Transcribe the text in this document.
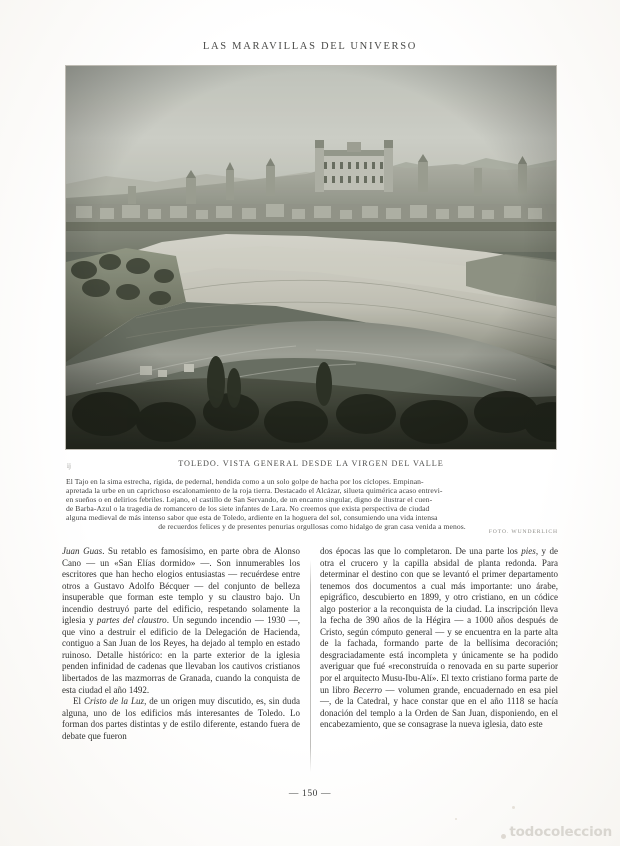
LAS MARAVILLAS DEL UNIVERSO
ij	TOLEDO. VISTA GENERAL DESDE LA VIRGEN DEL VALLE

El Tajo en la sima estrecha, rígida, de pedernal, hendida como a un solo golpe de hacha por los cíclopes. Empinan-

apretada la urbe en un caprichoso escalonamiento de la roja tierra. Destacado el Alcázar, silueta quimérica acaso entrevi-

en sueños o en delirios febriles. Lejano, el castillo de San Servando, de un encanto singular, digno de ilustrar el cuen-

de Barba-Azul o la tragedia de romancero de los siete infantes de Lara. No creemos que exista perspectiva de ciudad

alguna medieval de más intenso sabor que esta de Toledo, ardiente en la hoguera del sol, consumiendo una vida intensa

de recuerdos felices y de presentes penurias orgullosas como hidalgo de gran casa venida a menos.

FOTO. WUNDERLICH

Juan Guas. Su retablo es famosísimo, en parte obra de Alonso Cano — un «San Elías dormido» —. Son innumerables los escritores que han hecho elogios entusiastas — recuérdese entre otros a Gustavo Adolfo Bécquer — del conjunto de belleza insuperable que forman este templo y su claustro bajo. Un incendio destruyó parte del edificio, respetando solamente la iglesia y partes del claustro. Un segundo incendio — 1930 —, que vino a destruir el edificio de la Delegación de Hacienda, contiguo a San Juan de los Reyes, ha dejado al templo en estado ruinoso. Detalle histórico: en la parte exterior de la iglesia penden infinidad de cadenas que llevaban los cautivos cristianos libertados de las mazmorras de Granada, cuando la conquista de esta ciudad el año 1492.

El Cristo de la Luz, de un origen muy discutido, es, sin duda alguna, uno de los edificios más interesantes de Toledo. Lo forman dos partes distintas y de estilo diferente, estando fuera de debate que fueron

dos épocas las que lo completaron. De una parte los pies, y de otra el crucero y la capilla absidal de planta redonda. Para determinar el destino con que se levantó el primer departamento tenemos dos documentos a cual más importante: uno árabe, epigráfico, descubierto en 1899, y otro cristiano, en un códice algo posterior a la reconquista de la ciudad. La inscripción lleva la fecha de 390 años de la Hégira — a 1000 años después de Cristo, según cómputo general — y se encuentra en la parte alta de la fachada, formando parte de la bellísima decoración; desgraciadamente está incompleta y únicamente se ha podido averiguar que fué «reconstruída o renovada en su parte superior por el arquitecto Musu-Ibu-Alí». El texto cristiano forma parte de un libro Becerro — volumen grande, encuadernado en esa piel —, de la Catedral, y hace constar que en el año 1118 se hacía donación del templo a la Orden de San Juan, disponiendo, en el encabezamiento, que se consagrase la nueva iglesia, dato este

— 150 —
todocoleccion
